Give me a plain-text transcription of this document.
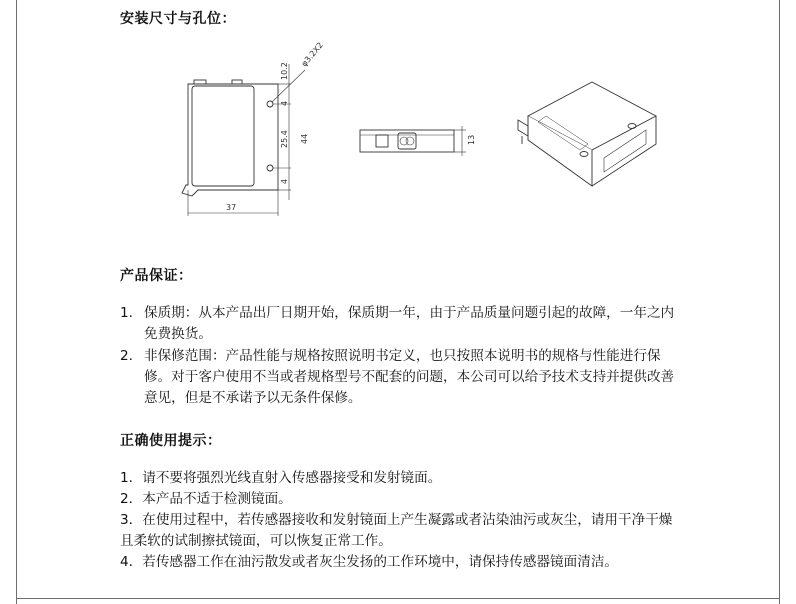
安装尺寸与孔位：
37
44
10.2
25.4
4
4
φ3.2X2
13
产品保证：
1. 保质期：从本产品出厂日期开始，保质期一年，由于产品质量问题引起的故障，一年之内免费换货。
2. 非保修范围：产品性能与规格按照说明书定义，也只按照本说明书的规格与性能进行保修。对于客户使用不当或者规格型号不配套的问题，本公司可以给予技术支持并提供改善意见，但是不承诺予以无条件保修。
正确使用提示：
1．请不要将强烈光线直射入传感器接受和发射镜面。
2．本产品不适于检测镜面。
3．在使用过程中，若传感器接收和发射镜面上产生凝露或者沾染油污或灰尘，请用干净干燥且柔软的试制擦拭镜面，可以恢复正常工作。
4．若传感器工作在油污散发或者灰尘发扬的工作环境中，请保持传感器镜面清洁。
